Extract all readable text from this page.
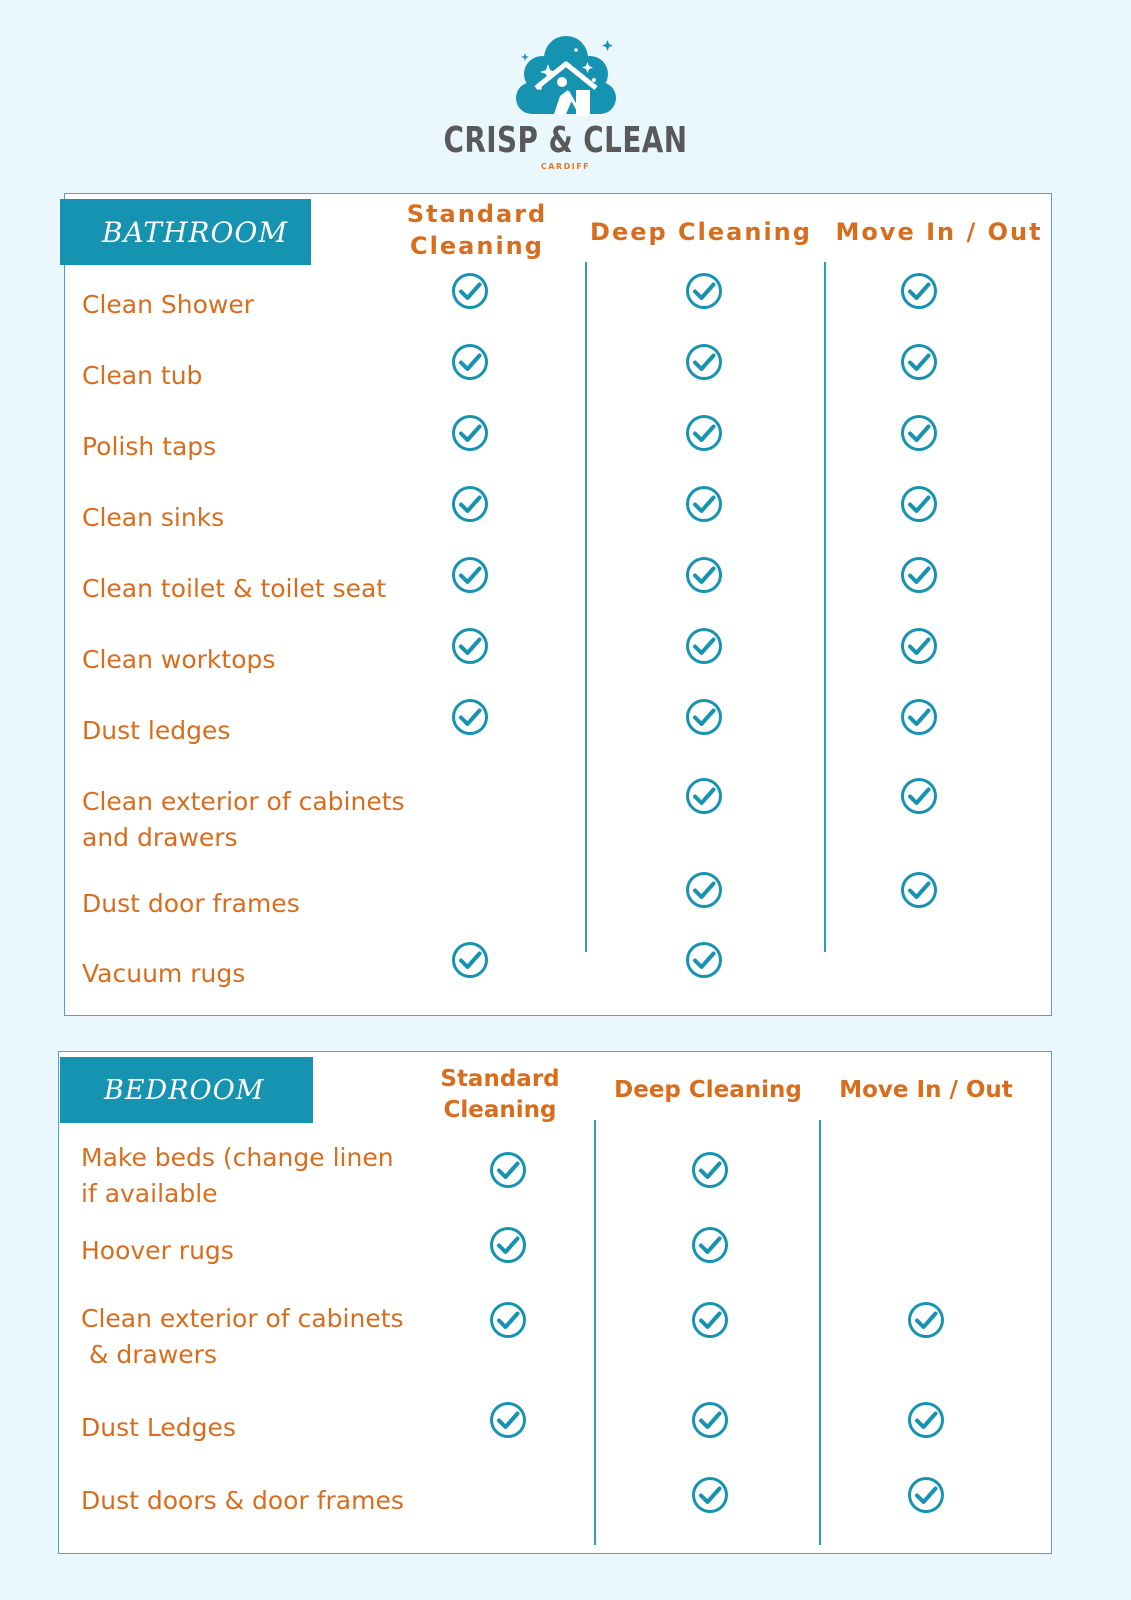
CRISP & CLEAN
CARDIFF
BATHROOM
Standard
Cleaning
Deep Cleaning Move In / Out
Clean Shower
Clean tub
Polish taps
Clean sinks
Clean toilet & toilet seat
Clean worktops
Dust ledges
Clean exterior of cabinets
and drawers
Dust door frames
Vacuum rugs
BEDROOM	Standard
Cleaning
Deep Cleaning	Move In / Out
Make beds (change linen
if available
Hoover rugs
Clean exterior of cabinets
& drawers
Dust Ledges
Dust doors & door frames
